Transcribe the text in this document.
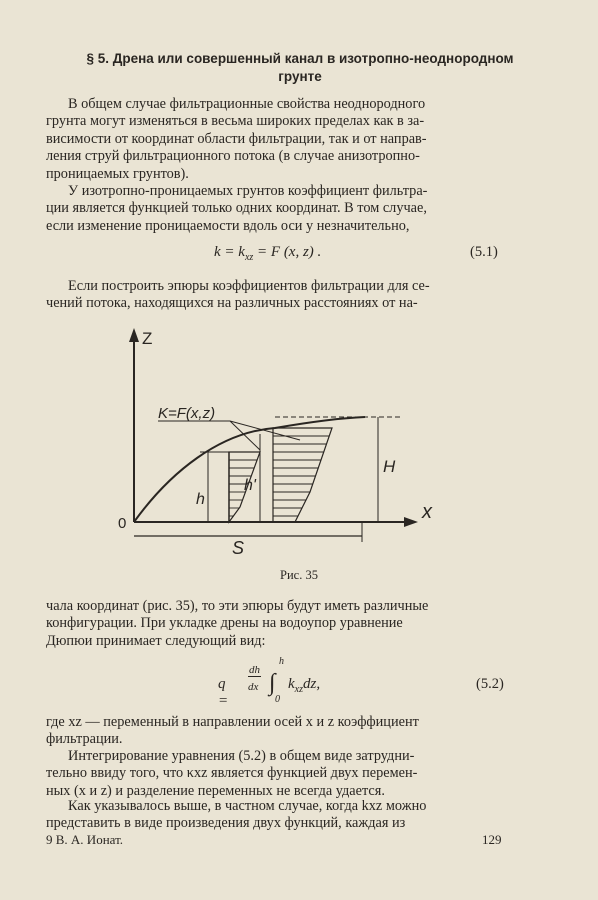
§ 5. Дрена или совершенный канал в изотропно-неоднородном
грунте
В общем случае фильтрационные свойства неоднородного
грунта могут изменяться в весьма широких пределах как в за-
висимости от координат области фильтрации, так и от направ-
ления струй фильтрационного потока (в случае анизотропно-
проницаемых грунтов).
У изотропно-проницаемых грунтов коэффициент фильтра-
ции является функцией только одних координат. В том случае,
если изменение проницаемости вдоль оси y незначительно,
$k = k_{xz} = F$ (x, z) .	(5.1)
Если построить эпюры коэффициентов фильтрации для се-
чений потока, находящихся на различных расстояниях от на-
Z
x
0
h
h'
H
K=F(x,z)
S
Рис. 35
чала координат (рис. 35), то эти эпюры будут иметь различные
конфигурации. При укладке дрены на водоупор уравнение
Дюпюи принимает следующий вид:
q =
dh
dx ∫
h
0
$k_{xz}dz$,	(5.2)
где xz — переменный в направлении осей x и z коэффициент
фильтрации.
Интегрирование уравнения (5.2) в общем виде затрудни-
тельно ввиду того, что κxz является функцией двух перемен-
ных (x и z) и разделение переменных не всегда удается.
Как указывалось выше, в частном случае, когда kxz можно
представить в виде произведения двух функций, каждая из
9 В. А. Ионат.	129
